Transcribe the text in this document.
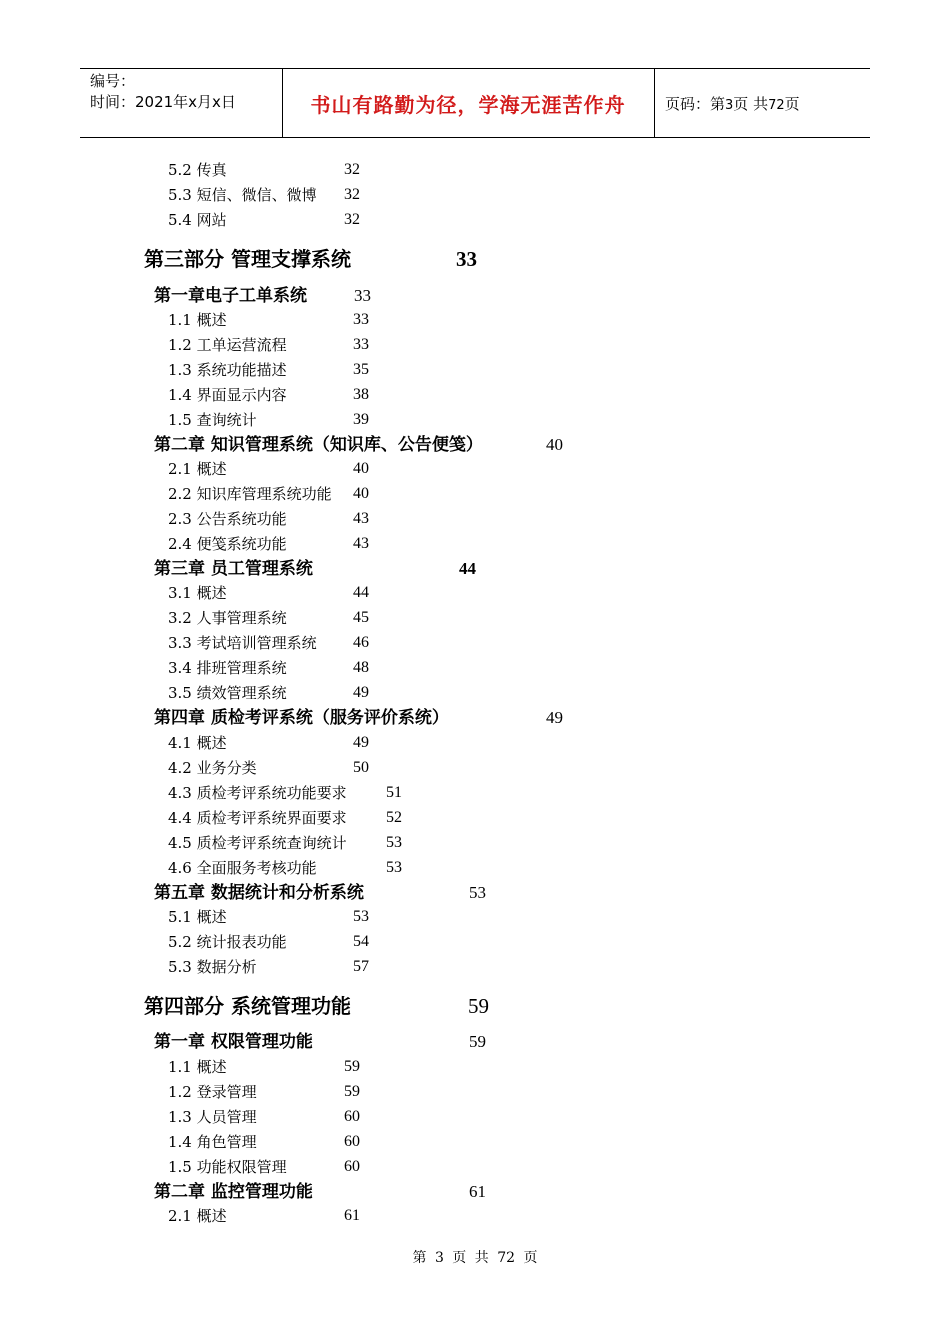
编号：
时间：2021年x月x日	书山有路勤为径，学海无涯苦作舟	页码：第3页 共72页
5.2 传真	32
5.3 短信、微信、微博 32
5.4 网站	32
第三部分 管理支撑系统	33
第一章电子工单系统	33
1.1 概述	33
1.2 工单运营流程	33
1.3 系统功能描述	35
1.4 界面显示内容	38
1.5 查询统计	39
第二章 知识管理系统（知识库、公告便笺）	40
2.1 概述	40
2.2 知识库管理系统功能 40
2.3 公告系统功能	43
2.4 便笺系统功能	43
第三章 员工管理系统	44
3.1 概述	44
3.2 人事管理系统	45
3.3 考试培训管理系统 46
3.4 排班管理系统	48
3.5 绩效管理系统	49
第四章 质检考评系统（服务评价系统）	49
4.1 概述	49
4.2 业务分类	50
4.3 质检考评系统功能要求 51
4.4 质检考评系统界面要求 52
4.5 质检考评系统查询统计 53
4.6 全面服务考核功能	53
第五章 数据统计和分析系统	53
5.1 概述	53
5.2 统计报表功能	54
5.3 数据分析	57
第四部分 系统管理功能	59
第一章 权限管理功能	59
1.1 概述	59
1.2 登录管理	59
1.3 人员管理	60
1.4 角色管理	60
1.5 功能权限管理	60
第二章 监控管理功能	61
2.1 概述	61
第 3 页 共 72 页
